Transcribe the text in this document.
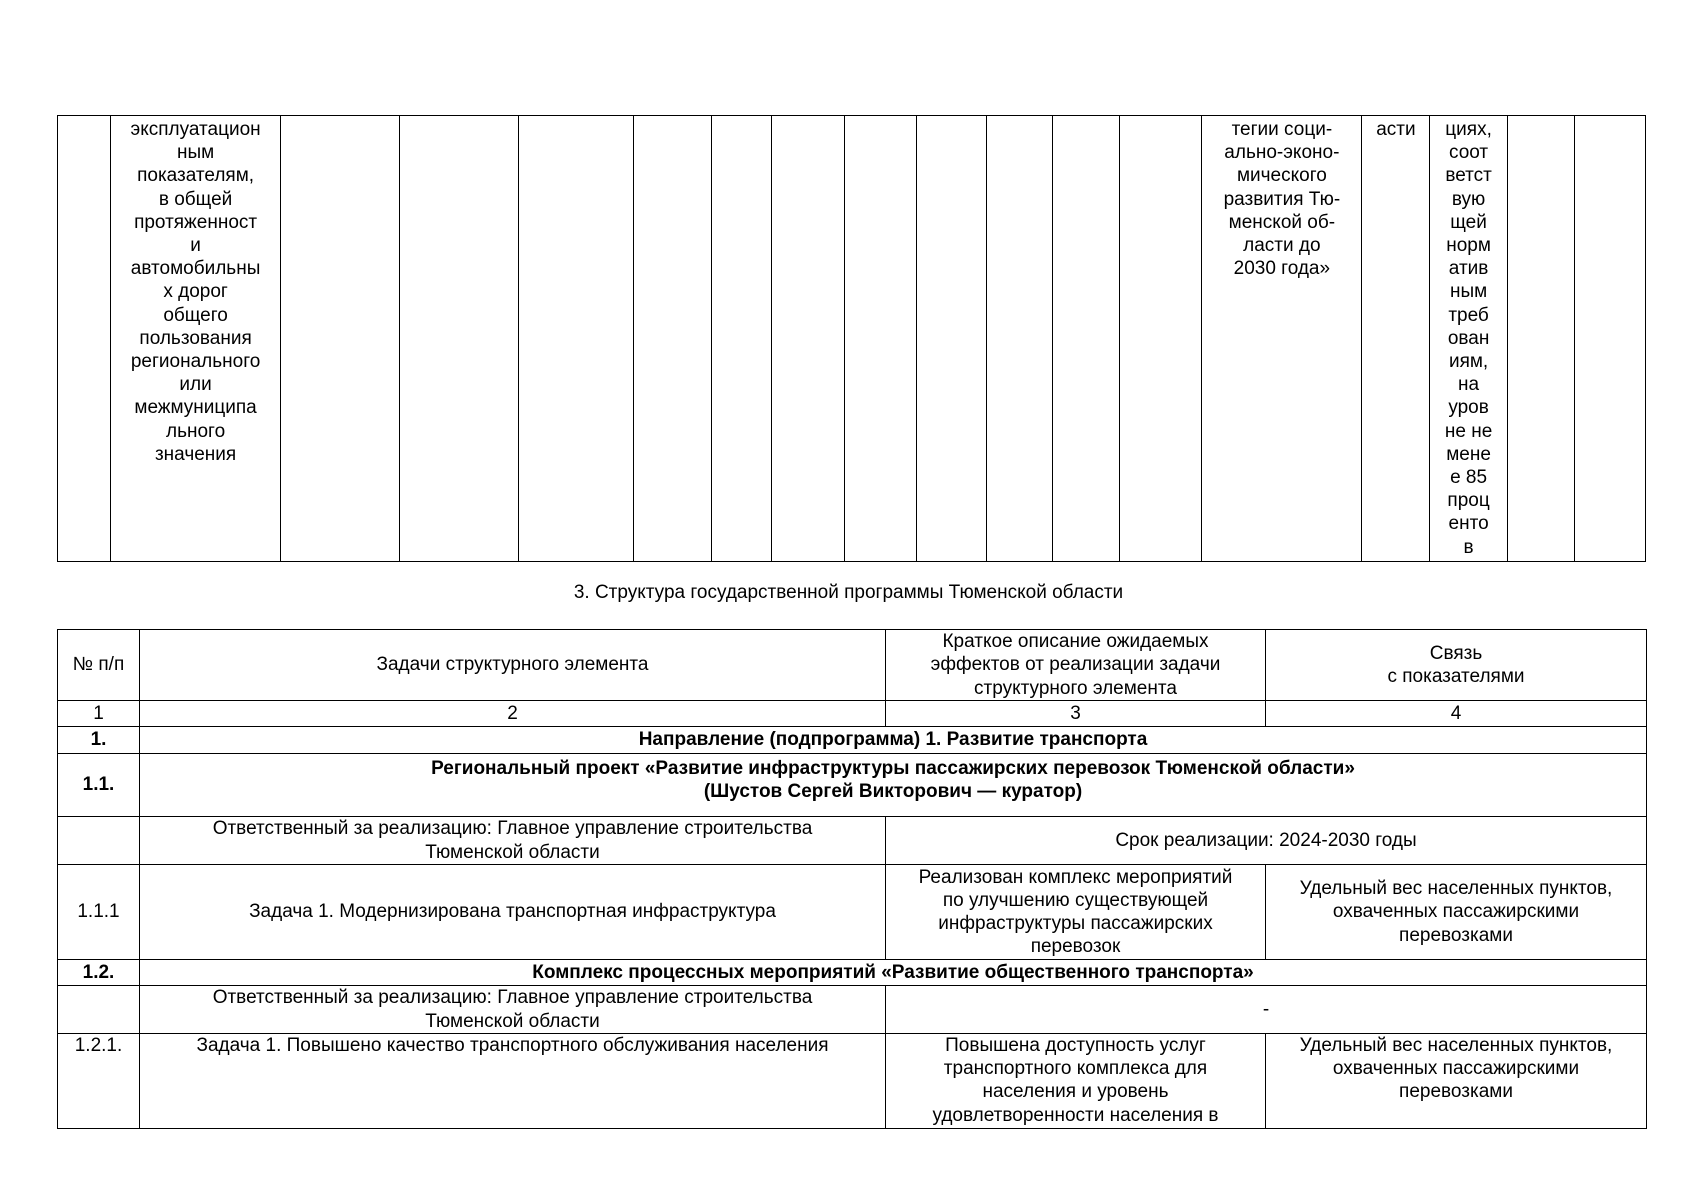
	эксплуатацион
ным
показателям,
в общей
протяженност
и
автомобильны
х дорог
общего
пользования
регионального
или
межмуниципа
льного
значения												тегии соци-
ально-эконо-
мического
развития Тю-
менской об-
ласти до
2030 года»	асти	циях,
соот
ветст
вую
щей
норм
атив
ным
треб
ован
иям,
на
уров
не не
мене
е 85
проц
енто
в		
3. Структура государственной программы Тюменской области
№ п/п	Задачи структурного элемента	Краткое описание ожидаемых
эффектов от реализации задачи
структурного элемента	Связь
с показателями
1	2	3	4
1.	Направление (подпрограмма) 1. Развитие транспорта		
1.1.	Региональный проект «Развитие инфраструктуры пассажирских перевозок Тюменской области»
(Шустов Сергей Викторович — куратор)		
	Ответственный за реализацию: Главное управление строительства
Тюменской области	Срок реализации: 2024-2030 годы	
1.1.1	Задача 1. Модернизирована транспортная инфраструктура	Реализован комплекс мероприятий
по улучшению существующей
инфраструктуры пассажирских
перевозок	Удельный вес населенных пунктов,
охваченных пассажирскими
перевозками
1.2.	Комплекс процессных мероприятий «Развитие общественного транспорта»		
	Ответственный за реализацию: Главное управление строительства
Тюменской области	-	
1.2.1.	Задача 1. Повышено качество транспортного обслуживания населения	Повышена доступность услуг
транспортного комплекса для
населения и уровень
удовлетворенности населения в	Удельный вес населенных пунктов,
охваченных пассажирскими
перевозками
